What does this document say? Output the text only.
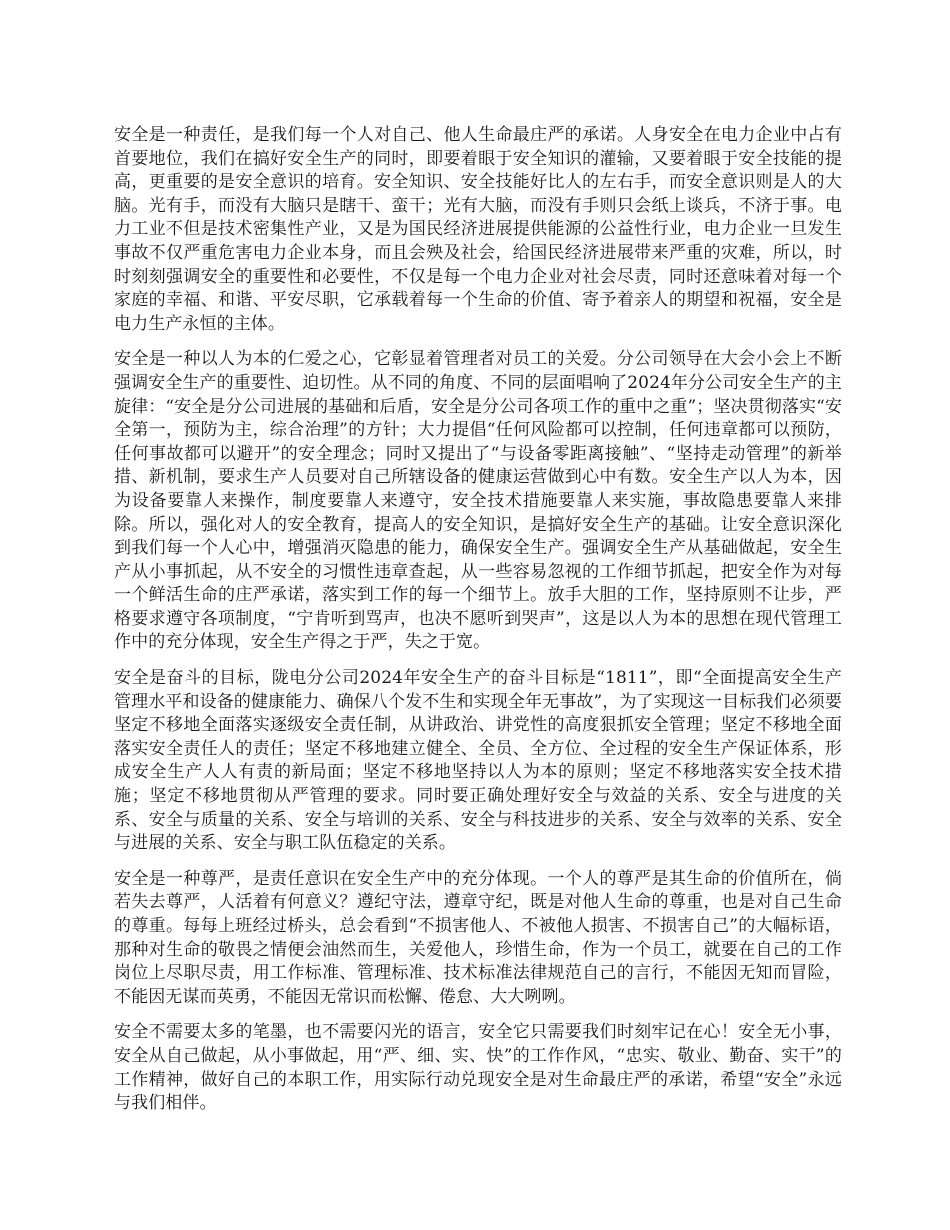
安全是一种责任，是我们每一个人对自己、他人生命最庄严的承诺。人身安全在电力企业中占有首要地位，我们在搞好安全生产的同时，即要着眼于安全知识的灌输，又要着眼于安全技能的提高，更重要的是安全意识的培育。安全知识、安全技能好比人的左右手，而安全意识则是人的大脑。光有手，而没有大脑只是瞎干、蛮干；光有大脑，而没有手则只会纸上谈兵，不济于事。电力工业不但是技术密集性产业，又是为国民经济进展提供能源的公益性行业，电力企业一旦发生事故不仅严重危害电力企业本身，而且会殃及社会，给国民经济进展带来严重的灾难，所以，时时刻刻强调安全的重要性和必要性，不仅是每一个电力企业对社会尽责，同时还意味着对每一个家庭的幸福、和谐、平安尽职，它承载着每一个生命的价值、寄予着亲人的期望和祝福，安全是电力生产永恒的主体。

安全是一种以人为本的仁爱之心，它彰显着管理者对员工的关爱。分公司领导在大会小会上不断强调安全生产的重要性、迫切性。从不同的角度、不同的层面唱响了2024年分公司安全生产的主旋律：“安全是分公司进展的基础和后盾，安全是分公司各项工作的重中之重”；坚决贯彻落实“安全第一，预防为主，综合治理”的方针；大力提倡“任何风险都可以控制，任何违章都可以预防，任何事故都可以避开”的安全理念；同时又提出了“与设备零距离接触”、“坚持走动管理”的新举措、新机制，要求生产人员要对自己所辖设备的健康运营做到心中有数。安全生产以人为本，因为设备要靠人来操作，制度要靠人来遵守，安全技术措施要靠人来实施，事故隐患要靠人来排除。所以，强化对人的安全教育，提高人的安全知识，是搞好安全生产的基础。让安全意识深化到我们每一个人心中，增强消灭隐患的能力，确保安全生产。强调安全生产从基础做起，安全生产从小事抓起，从不安全的习惯性违章查起，从一些容易忽视的工作细节抓起，把安全作为对每一个鲜活生命的庄严承诺，落实到工作的每一个细节上。放手大胆的工作，坚持原则不让步，严格要求遵守各项制度，“宁肯听到骂声，也决不愿听到哭声”，这是以人为本的思想在现代管理工作中的充分体现，安全生产得之于严，失之于宽。

安全是奋斗的目标，陇电分公司2024年安全生产的奋斗目标是“1811”，即“全面提高安全生产管理水平和设备的健康能力、确保八个发不生和实现全年无事故”，为了实现这一目标我们必须要坚定不移地全面落实逐级安全责任制，从讲政治、讲党性的高度狠抓安全管理；坚定不移地全面落实安全责任人的责任；坚定不移地建立健全、全员、全方位、全过程的安全生产保证体系，形成安全生产人人有责的新局面；坚定不移地坚持以人为本的原则；坚定不移地落实安全技术措施；坚定不移地贯彻从严管理的要求。同时要正确处理好安全与效益的关系、安全与进度的关系、安全与质量的关系、安全与培训的关系、安全与科技进步的关系、安全与效率的关系、安全与进展的关系、安全与职工队伍稳定的关系。

安全是一种尊严，是责任意识在安全生产中的充分体现。一个人的尊严是其生命的价值所在，倘若失去尊严，人活着有何意义？遵纪守法，遵章守纪，既是对他人生命的尊重，也是对自己生命的尊重。每每上班经过桥头，总会看到“不损害他人、不被他人损害、不损害自己”的大幅标语，那种对生命的敬畏之情便会油然而生，关爱他人，珍惜生命，作为一个员工，就要在自己的工作岗位上尽职尽责，用工作标准、管理标准、技术标准法律规范自己的言行，不能因无知而冒险，不能因无谋而英勇，不能因无常识而松懈、倦怠、大大咧咧。

安全不需要太多的笔墨，也不需要闪光的语言，安全它只需要我们时刻牢记在心！安全无小事，安全从自己做起，从小事做起，用“严、细、实、快”的工作作风，“忠实、敬业、勤奋、实干”的工作精神，做好自己的本职工作，用实际行动兑现安全是对生命最庄严的承诺，希望“安全”永远与我们相伴。
